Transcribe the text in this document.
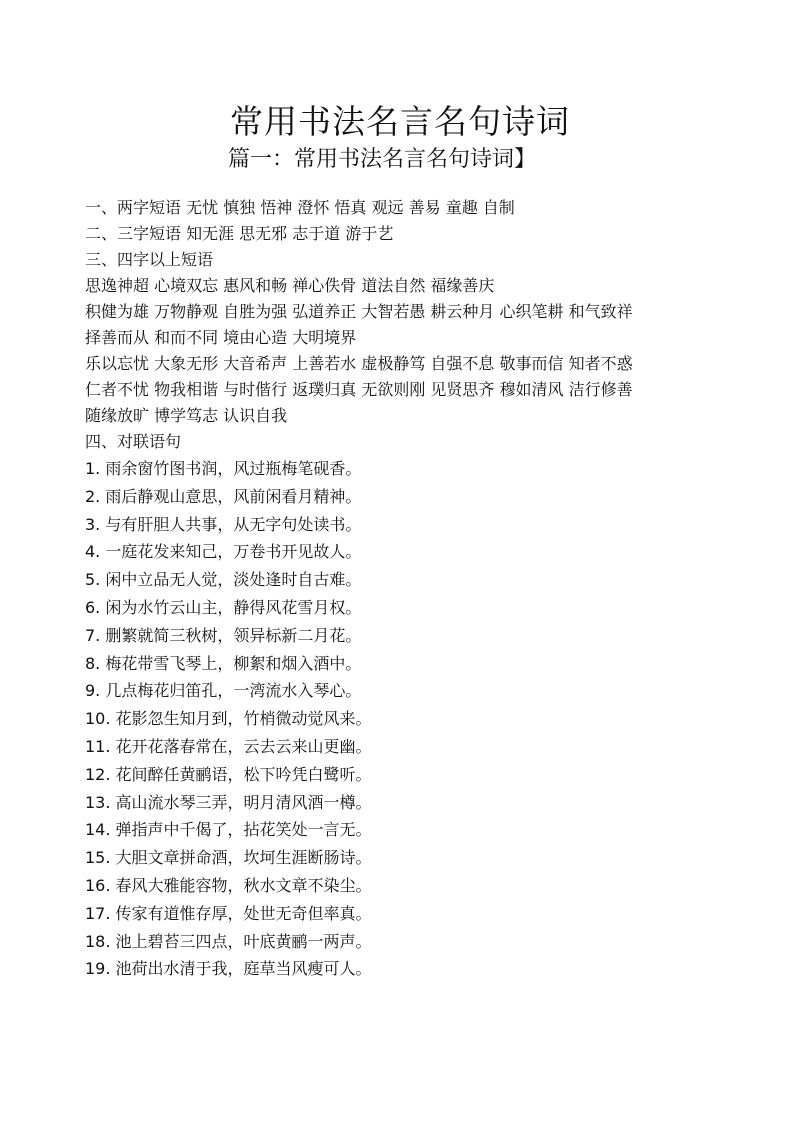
常用书法名言名句诗词
篇一：常用书法名言名句诗词】
一、两字短语 无忧 慎独 悟神 澄怀 悟真 观远 善易 童趣 自制
二、三字短语 知无涯 思无邪 志于道 游于艺
三、四字以上短语
思逸神超 心境双忘 惠风和畅 禅心佚骨 道法自然 福缘善庆
积健为雄 万物静观 自胜为强 弘道养正 大智若愚 耕云种月 心织笔耕 和气致祥
择善而从 和而不同 境由心造 大明境界
乐以忘忧 大象无形 大音希声 上善若水 虚极静笃 自强不息 敬事而信 知者不惑
仁者不忧 物我相谐 与时偕行 返璞归真 无欲则刚 见贤思齐 穆如清风 洁行修善
随缘放旷 博学笃志 认识自我
四、对联语句
1. 雨余窗竹图书润，风过瓶梅笔砚香。
2. 雨后静观山意思，风前闲看月精神。
3. 与有肝胆人共事，从无字句处读书。
4. 一庭花发来知己，万卷书开见故人。
5. 闲中立品无人觉，淡处逢时自古难。
6. 闲为水竹云山主，静得风花雪月权。
7. 删繁就简三秋树，领异标新二月花。
8. 梅花带雪飞琴上，柳絮和烟入酒中。
9. 几点梅花归笛孔，一湾流水入琴心。
10. 花影忽生知月到，竹梢微动觉风来。
11. 花开花落春常在，云去云来山更幽。
12. 花间醉任黄鹂语，松下吟凭白鹭听。
13. 高山流水琴三弄，明月清风酒一樽。
14. 弹指声中千偈了，拈花笑处一言无。
15. 大胆文章拼命酒，坎坷生涯断肠诗。
16. 春风大雅能容物，秋水文章不染尘。
17. 传家有道惟存厚，处世无奇但率真。
18. 池上碧苔三四点，叶底黄鹂一两声。
19. 池荷出水清于我，庭草当风瘦可人。
